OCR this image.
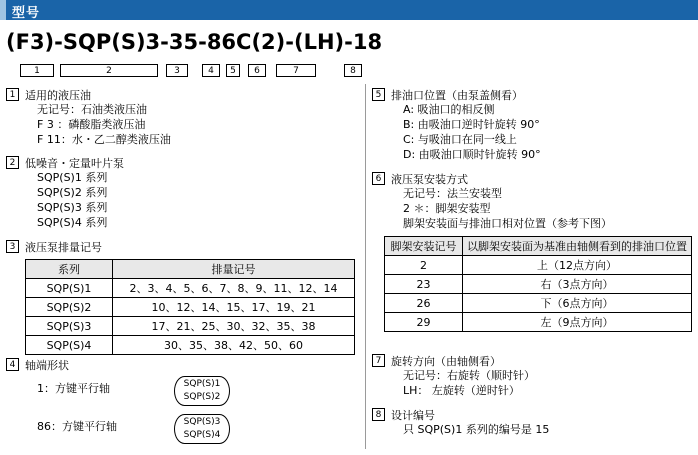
型号
(F3)-SQP(S)3-35-86C(2)-(LH)-18
1	2	3	4	5	6	7	8
1 适用的液压油
无记号：石油类液压油
F 3 ：磷酸脂类液压油
F 11：水・乙二醇类液压油
2 低噪音・定量叶片泵
SQP(S)1 系列
SQP(S)2 系列
SQP(S)3 系列
SQP(S)4 系列
3 液压泵排量记号
系列	排量记号
SQP(S)1	2、3、4、5、6、7、8、9、11、12、14
SQP(S)2	10、12、14、15、17、19、21
SQP(S)3	17、21、25、30、32、35、38
SQP(S)4	30、35、38、42、50、60
4 轴端形状
1：方键平行轴	SQP(S)1
SQP(S)2
86：方键平行轴	SQP(S)3
SQP(S)4
5 排油口位置（由泵盖侧看）
A: 吸油口的相反侧
B: 由吸油口逆时针旋转 90°
C: 与吸油口在同一线上
D: 由吸油口顺时针旋转 90°
6 液压泵安装方式
无记号：法兰安装型
2 ＊：脚架安装型
脚架安装面与排油口相对位置（参考下图）
脚架安装记号	以脚架安装面为基准由轴侧看到的排油口位置
2	上（12点方向）
23	右（3点方向）
26	下（6点方向）
29	左（9点方向）
7 旋转方向（由轴侧看）
无记号：右旋转（顺时针）
LH： 左旋转（逆时针）
8 设计编号
只 SQP(S)1 系列的编号是 15
